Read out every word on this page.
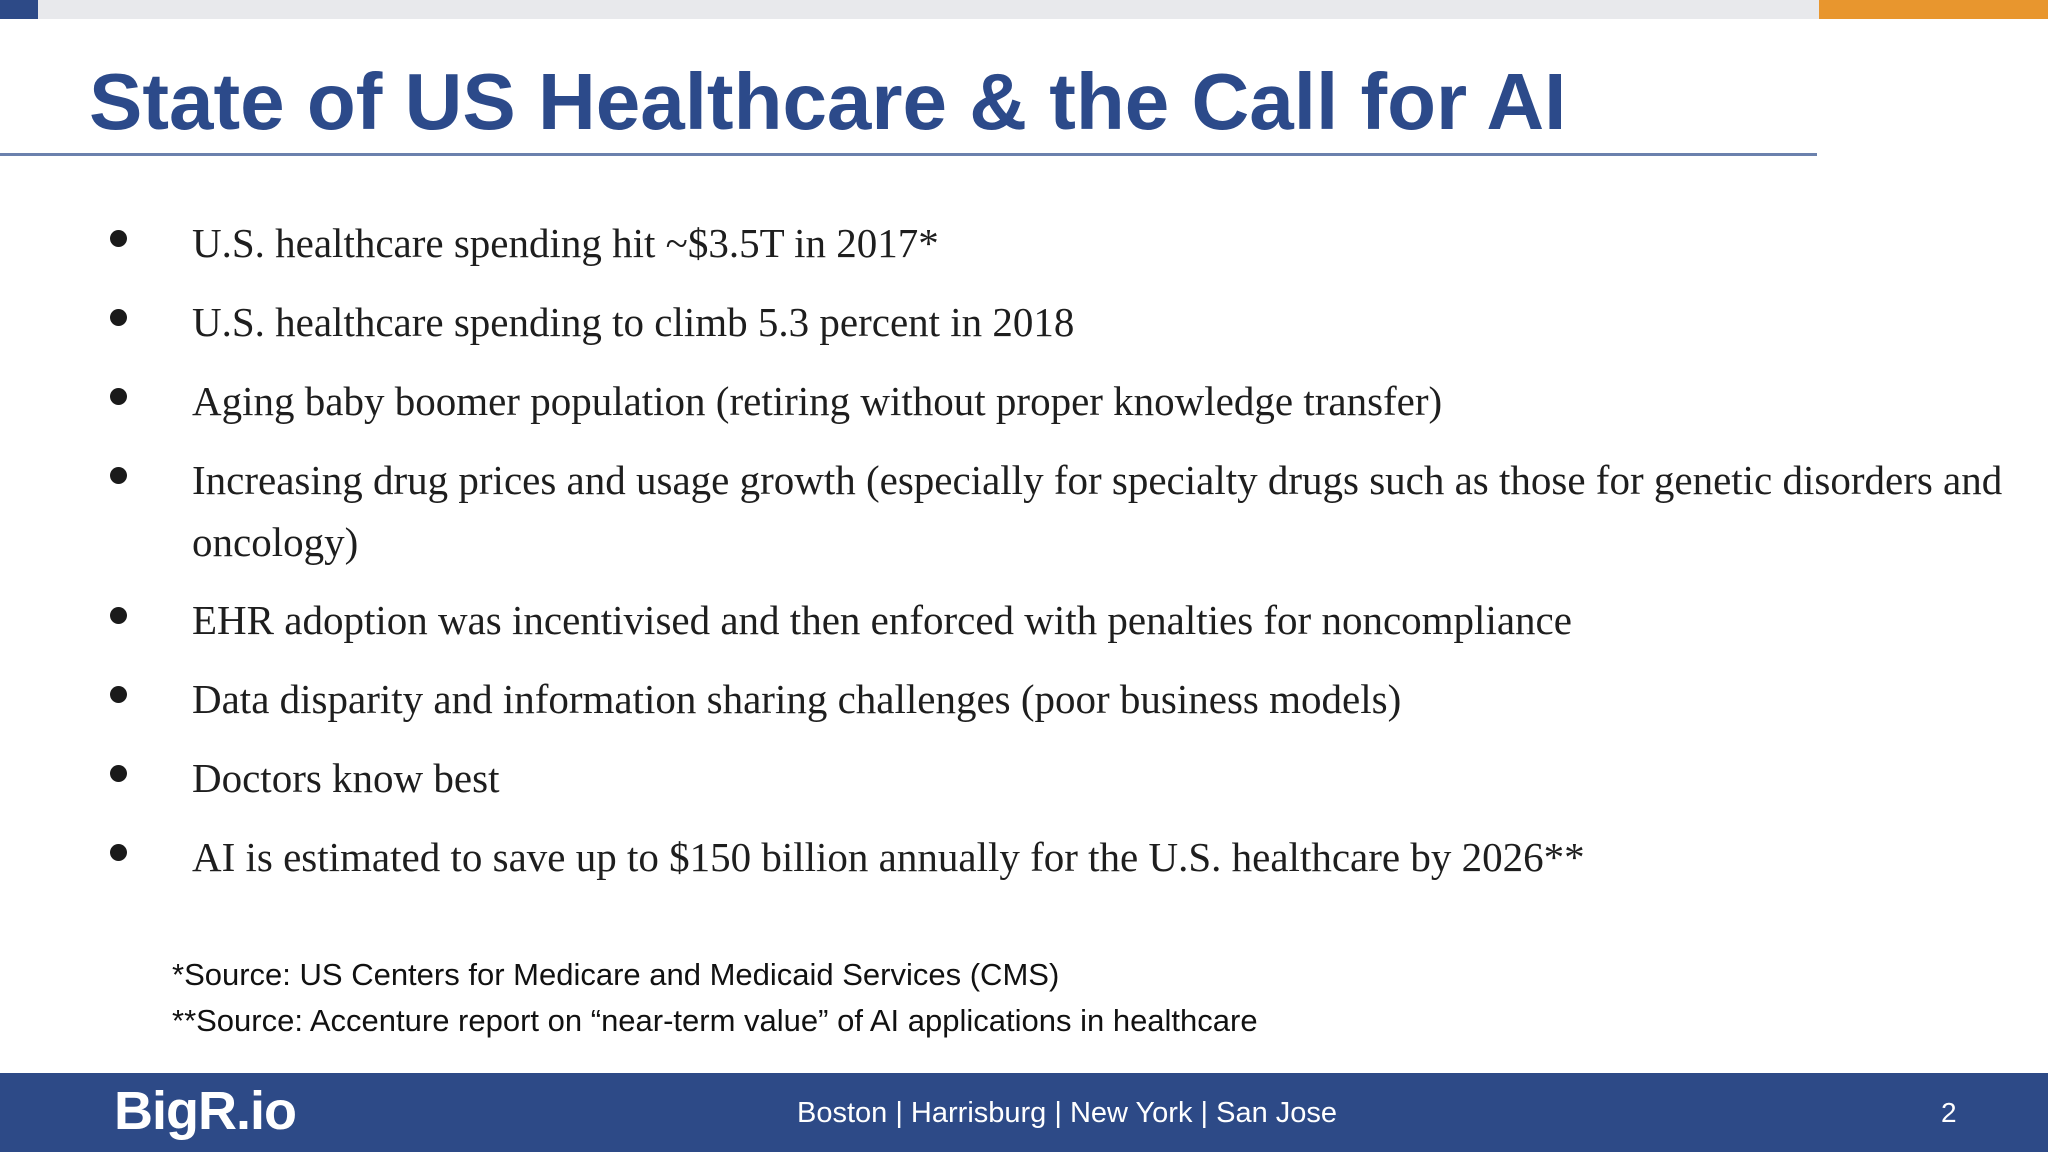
State of US Healthcare & the Call for AI
U.S. healthcare spending hit ~$3.5T in 2017*
U.S. healthcare spending to climb 5.3 percent in 2018
Aging baby boomer population (retiring without proper knowledge transfer)
Increasing drug prices and usage growth (especially for specialty drugs such as those for genetic disorders and oncology)
EHR adoption was incentivised and then enforced with penalties for noncompliance
Data disparity and information sharing challenges (poor business models)
Doctors know best
AI is estimated to save up to $150 billion annually for the U.S. healthcare by 2026**
*Source: US Centers for Medicare and Medicaid Services (CMS)
**Source: Accenture report on “near-term value” of AI applications in healthcare
BigR.io	Boston | Harrisburg | New York | San Jose	2
